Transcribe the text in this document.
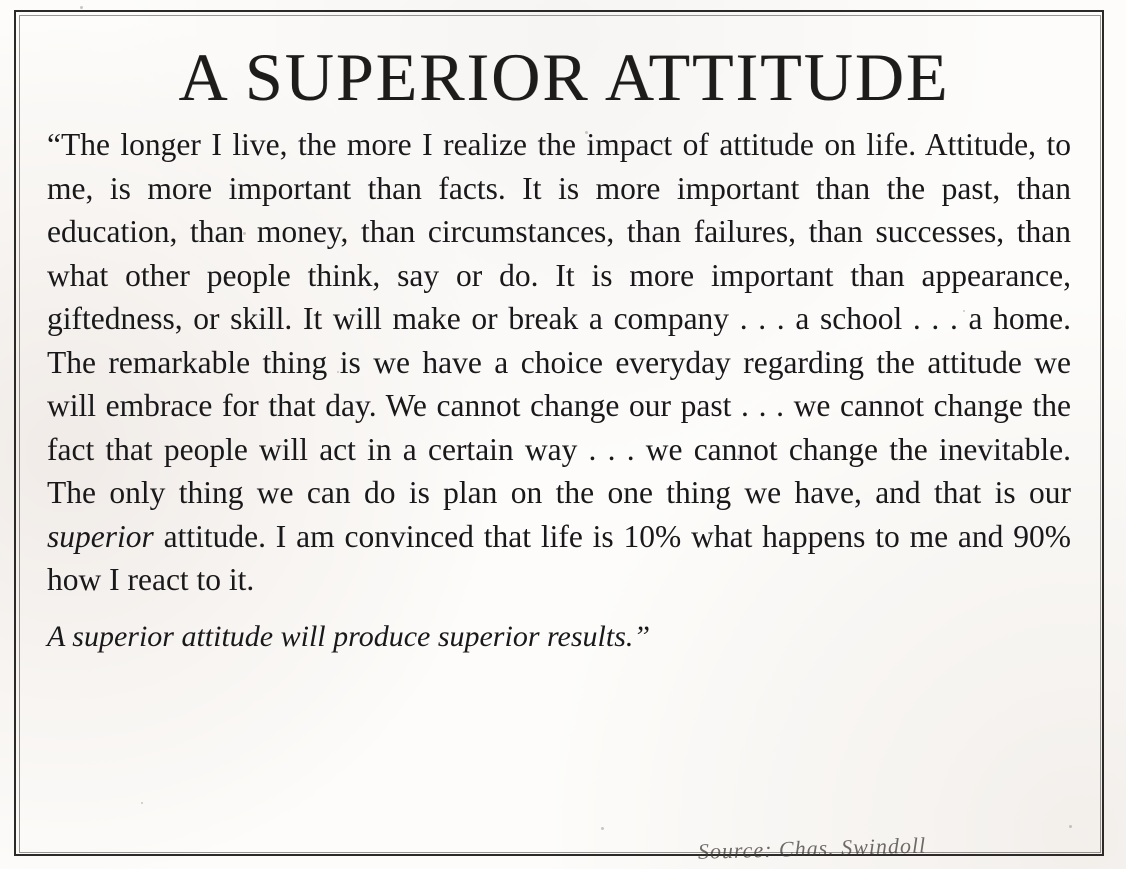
A SUPERIOR ATTITUDE

“The longer I live, the more I realize the impact of attitude on life. Attitude, to me, is more important than facts. It is more important than the past, than education, than money, than circumstances, than failures, than successes, than what other people think, say or do. It is more important than appearance, giftedness, or skill. It will make or break a company . . . a school . . . a home. The remarkable thing is we have a choice everyday regarding the attitude we will embrace for that day. We cannot change our past . . . we cannot change the fact that people will act in a certain way . . . we cannot change the inevitable. The only thing we can do is plan on the one thing we have, and that is our superior attitude. I am convinced that life is 10% what happens to me and 90% how I react to it.

A superior attitude will produce superior results.”

Source: Chas. Swindoll
